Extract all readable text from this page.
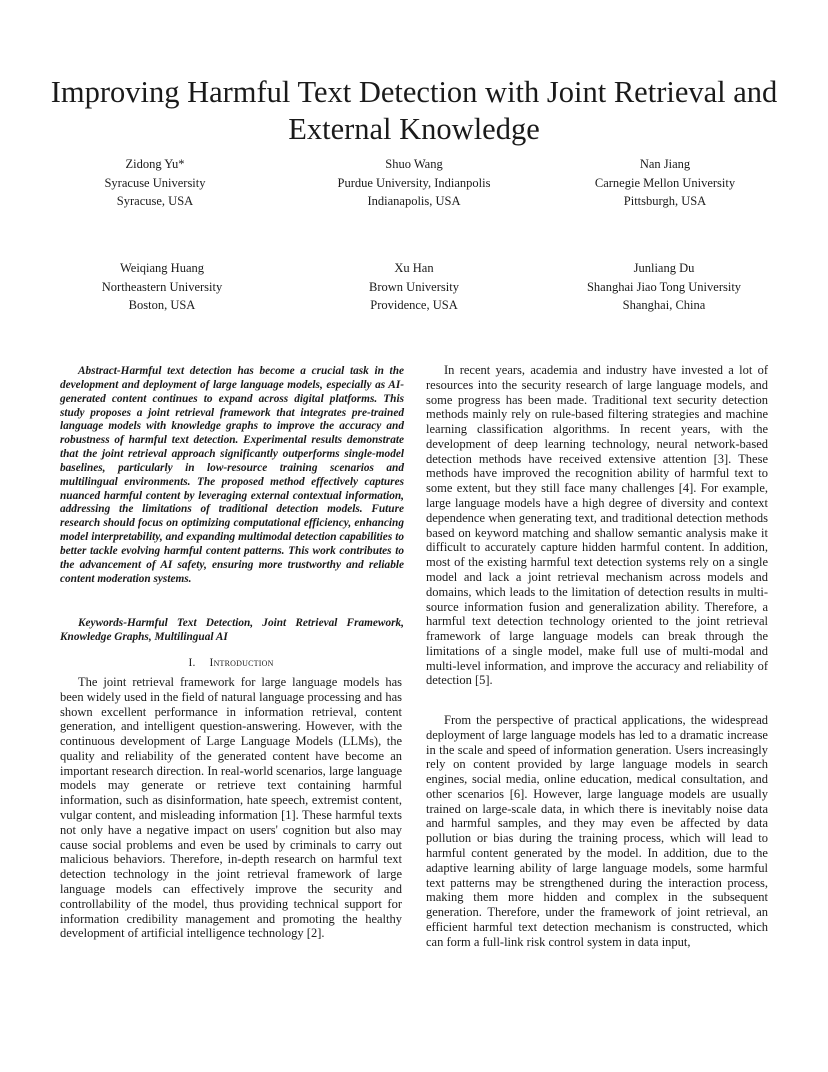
Improving Harmful Text Detection with Joint Retrieval and External Knowledge
Zidong Yu*
Syracuse University
Syracuse, USA
Shuo Wang
Purdue University, Indianpolis
Indianapolis, USA
Nan Jiang
Carnegie Mellon University
Pittsburgh, USA
Weiqiang Huang
Northeastern University
Boston, USA
Xu Han
Brown University
Providence, USA
Junliang Du
Shanghai Jiao Tong University
Shanghai, China

Abstract-Harmful text detection has become a crucial task in the development and deployment of large language models, especially as AI-generated content continues to expand across digital platforms. This study proposes a joint retrieval framework that integrates pre-trained language models with knowledge graphs to improve the accuracy and robustness of harmful text detection. Experimental results demonstrate that the joint retrieval approach significantly outperforms single-model baselines, particularly in low-resource training scenarios and multilingual environments. The proposed method effectively captures nuanced harmful content by leveraging external contextual information, addressing the limitations of traditional detection models. Future research should focus on optimizing computational efficiency, enhancing model interpretability, and expanding multimodal detection capabilities to better tackle evolving harmful content patterns. This work contributes to the advancement of AI safety, ensuring more trustworthy and reliable content moderation systems.

Keywords-Harmful Text Detection, Joint Retrieval Framework, Knowledge Graphs, Multilingual AI

I. Introduction

The joint retrieval framework for large language models has been widely used in the field of natural language processing and has shown excellent performance in information retrieval, content generation, and intelligent question-answering. However, with the continuous development of Large Language Models (LLMs), the quality and reliability of the generated content have become an important research direction. In real-world scenarios, large language models may generate or retrieve text containing harmful information, such as disinformation, hate speech, extremist content, vulgar content, and misleading information [1]. These harmful texts not only have a negative impact on users' cognition but also may cause social problems and even be used by criminals to carry out malicious behaviors. Therefore, in-depth research on harmful text detection technology in the joint retrieval framework of large language models can effectively improve the security and controllability of the model, thus providing technical support for information credibility management and promoting the healthy development of artificial intelligence technology [2].

In recent years, academia and industry have invested a lot of resources into the security research of large language models, and some progress has been made. Traditional text security detection methods mainly rely on rule-based filtering strategies and machine learning classification algorithms. In recent years, with the development of deep learning technology, neural network-based detection methods have received extensive attention [3]. These methods have improved the recognition ability of harmful text to some extent, but they still face many challenges [4]. For example, large language models have a high degree of diversity and context dependence when generating text, and traditional detection methods based on keyword matching and shallow semantic analysis make it difficult to accurately capture hidden harmful content. In addition, most of the existing harmful text detection systems rely on a single model and lack a joint retrieval mechanism across models and domains, which leads to the limitation of detection results in multi-source information fusion and generalization ability. Therefore, a harmful text detection technology oriented to the joint retrieval framework of large language models can break through the limitations of a single model, make full use of multi-modal and multi-level information, and improve the accuracy and reliability of detection [5].

From the perspective of practical applications, the widespread deployment of large language models has led to a dramatic increase in the scale and speed of information generation. Users increasingly rely on content provided by large language models in search engines, social media, online education, medical consultation, and other scenarios [6]. However, large language models are usually trained on large-scale data, in which there is inevitably noise data and harmful samples, and they may even be affected by data pollution or bias during the training process, which will lead to harmful content generated by the model. In addition, due to the adaptive learning ability of large language models, some harmful text patterns may be strengthened during the interaction process, making them more hidden and complex in the subsequent generation. Therefore, under the framework of joint retrieval, an efficient harmful text detection mechanism is constructed, which can form a full-link risk control system in data input,
